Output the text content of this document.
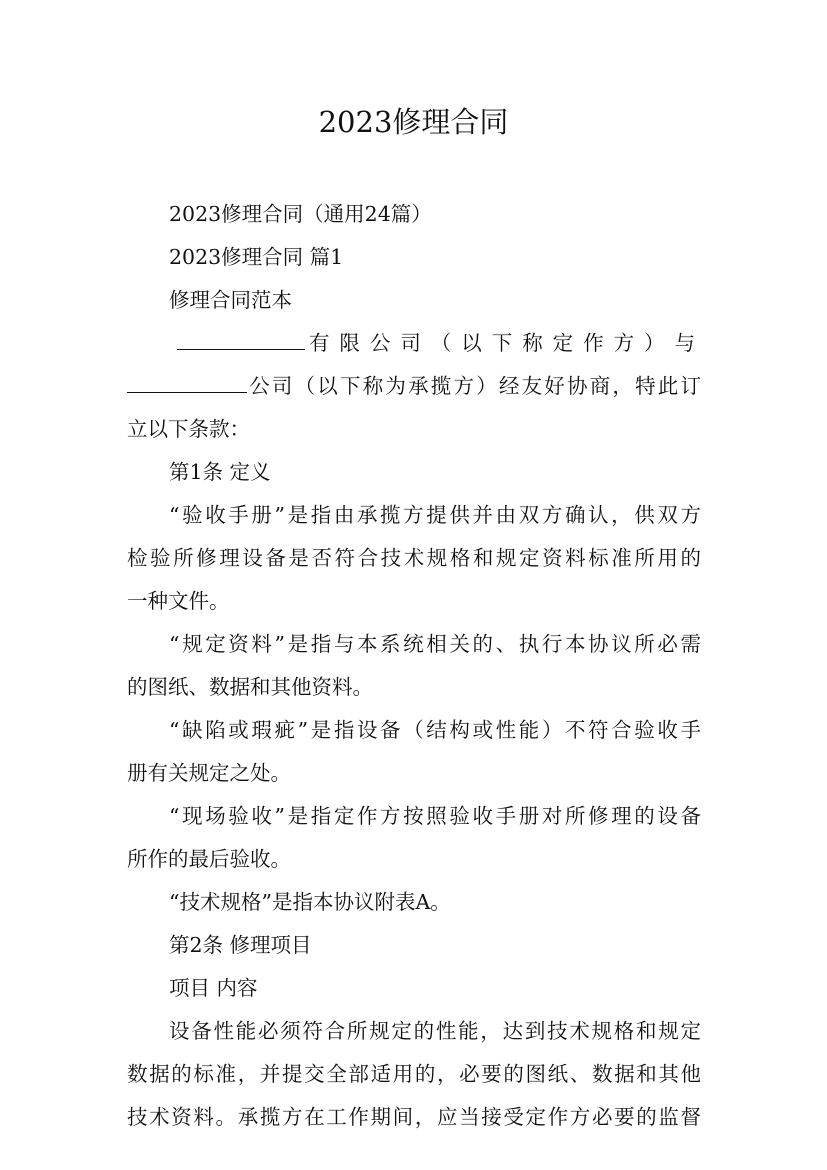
2023修理合同

2023修理合同（通用24篇）

2023修理合同 篇1

修理合同范本

有限公司（以下称定作方）与

公司（以下称为承揽方）经友好协商，特此订

立以下条款：

第1条 定义

“验收手册”是指由承揽方提供并由双方确认，供双方

检验所修理设备是否符合技术规格和规定资料标准所用的

一种文件。

“规定资料”是指与本系统相关的、执行本协议所必需

的图纸、数据和其他资料。

“缺陷或瑕疵”是指设备（结构或性能）不符合验收手

册有关规定之处。

“现场验收”是指定作方按照验收手册对所修理的设备

所作的最后验收。

“技术规格”是指本协议附表A。

第2条 修理项目

项目 内容

设备性能必须符合所规定的性能，达到技术规格和规定

数据的标准，并提交全部适用的，必要的图纸、数据和其他

技术资料。承揽方在工作期间，应当接受定作方必要的监督
